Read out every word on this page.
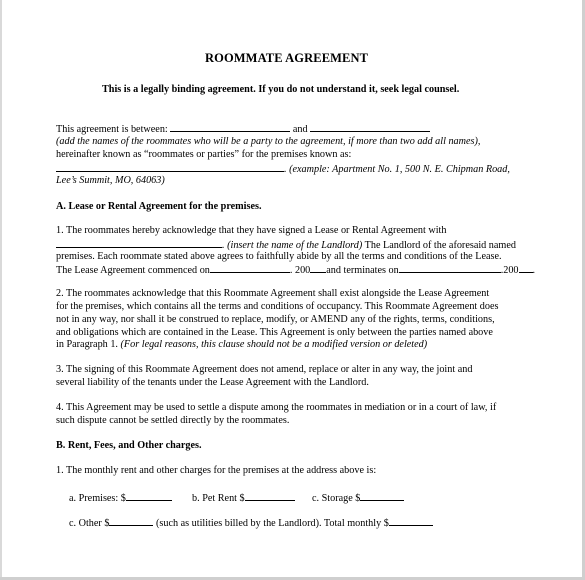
ROOMMATE AGREEMENT
This is a legally binding agreement. If you do not understand it, seek legal counsel.
This agreement is between:	and
(add the names of the roommates who will be a party to the agreement, if more than two add all names),
hereinafter known as “roommates or parties” for the premises known as:
. (example: Apartment No. 1, 500 N. E. Chipman Road,
Lee’s Summit, MO, 64063)
A. Lease or Rental Agreement for the premises.
1. The roommates hereby acknowledge that they have signed a Lease or Rental Agreement with
. (insert the name of the Landlord) The Landlord of the aforesaid named
premises. Each roommate stated above agrees to faithfully abide by all the terms and conditions of the Lease.
The Lease Agreement commenced on	. 200 and terminates on	.200 .
2. The roommates acknowledge that this Roommate Agreement shall exist alongside the Lease Agreement
for the premises, which contains all the terms and conditions of occupancy. This Roommate Agreement does
not in any way, nor shall it be construed to replace, modify, or AMEND any of the rights, terms, conditions,
and obligations which are contained in the Lease. This Agreement is only between the parties named above
in Paragraph 1. (For legal reasons, this clause should not be a modified version or deleted)
3. The signing of this Roommate Agreement does not amend, replace or alter in any way, the joint and
several liability of the tenants under the Lease Agreement with the Landlord.
4. This Agreement may be used to settle a dispute among the roommates in mediation or in a court of law, if
such dispute cannot be settled directly by the roommates.
B. Rent, Fees, and Other charges.
1. The monthly rent and other charges for the premises at the address above is:
a. Premises: $	b. Pet Rent $	c. Storage $
c. Other $	(such as utilities billed by the Landlord). Total monthly $
